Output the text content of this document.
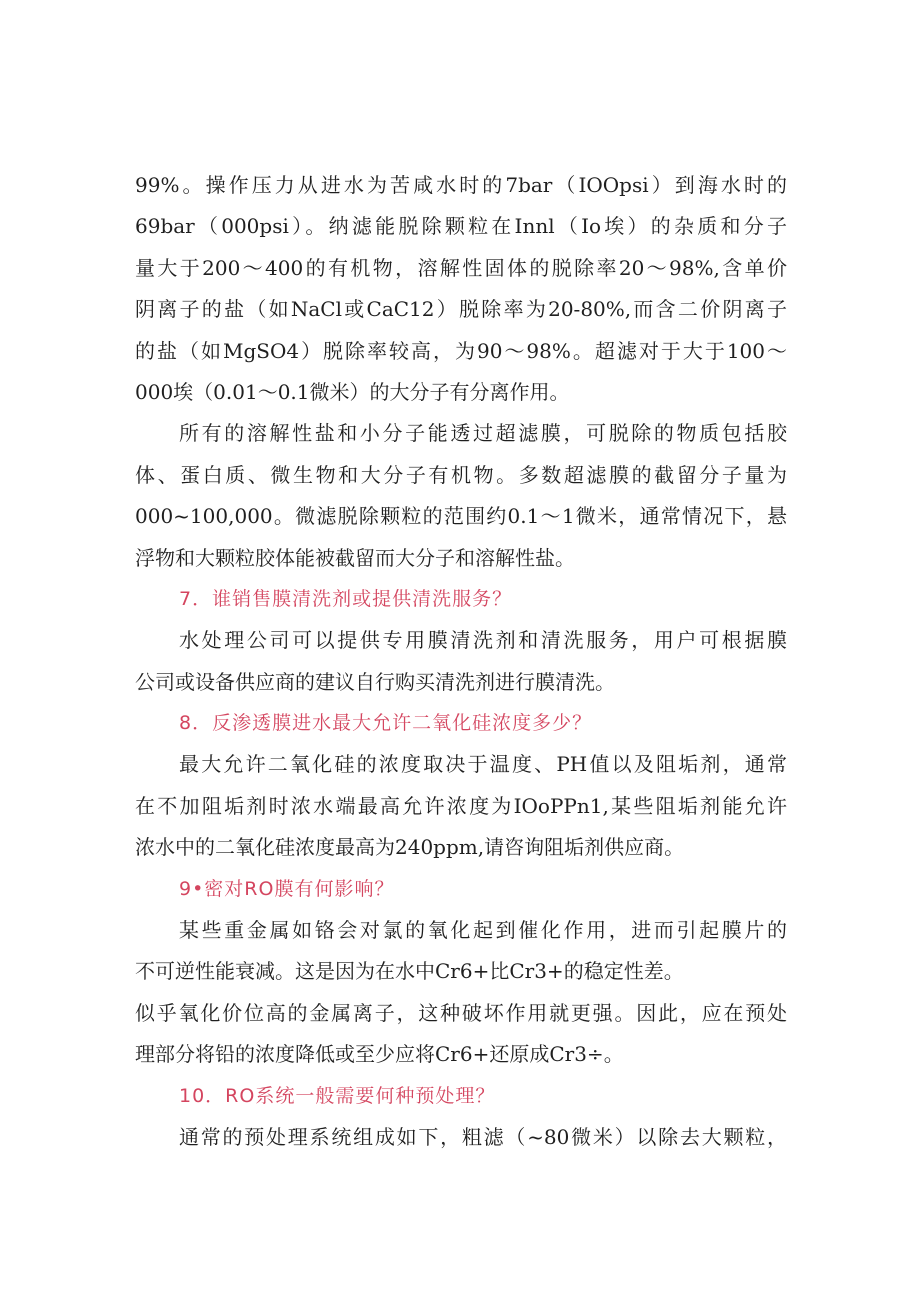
99%。操作压力从进水为苦咸水时的7bar（IOOpsi）到海水时的
69bar（000psi）。纳滤能脱除颗粒在Innl（Io埃）的杂质和分子
量大于200～400的有机物，溶解性固体的脱除率20～98%,含单价
阴离子的盐（如NaCl或CaC12）脱除率为20-80%,而含二价阴离子
的盐（如MgSO4）脱除率较高，为90～98%。超滤对于大于100～
000埃（0.01～0.1微米）的大分子有分离作用。
所有的溶解性盐和小分子能透过超滤膜，可脱除的物质包括胶
体、蛋白质、微生物和大分子有机物。多数超滤膜的截留分子量为
000~100,000。微滤脱除颗粒的范围约0.1～1微米，通常情况下，悬
浮物和大颗粒胶体能被截留而大分子和溶解性盐。
7．谁销售膜清洗剂或提供清洗服务？
水处理公司可以提供专用膜清洗剂和清洗服务，用户可根据膜
公司或设备供应商的建议自行购买清洗剂进行膜清洗。
8．反渗透膜进水最大允许二氧化硅浓度多少？
最大允许二氧化硅的浓度取决于温度、PH值以及阻垢剂，通常
在不加阻垢剂时浓水端最高允许浓度为IOoPPn1,某些阻垢剂能允许
浓水中的二氧化硅浓度最高为240ppm,请咨询阻垢剂供应商。
9•密对RO膜有何影响？
某些重金属如铬会对氯的氧化起到催化作用，进而引起膜片的
不可逆性能衰减。这是因为在水中Cr6+比Cr3+的稳定性差。
似乎氧化价位高的金属离子，这种破坏作用就更强。因此，应在预处
理部分将铅的浓度降低或至少应将Cr6+还原成Cr3÷。
10．RO系统一般需要何种预处理？
通常的预处理系统组成如下，粗滤（~80微米）以除去大颗粒，
